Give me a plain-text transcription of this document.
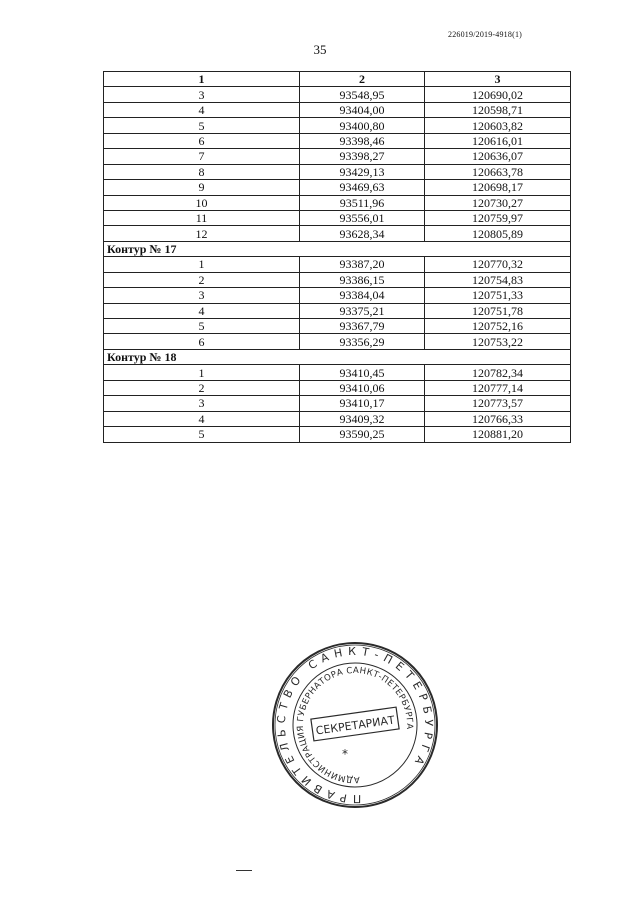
226019/2019-4918(1)
35
1	2	3
3	93548,95	120690,02
4	93404,00	120598,71
5	93400,80	120603,82
6	93398,46	120616,01
7	93398,27	120636,07
8	93429,13	120663,78
9	93469,63	120698,17
10	93511,96	120730,27
11	93556,01	120759,97
12	93628,34	120805,89
Контур № 17		
1	93387,20	120770,32
2	93386,15	120754,83
3	93384,04	120751,33
4	93375,21	120751,78
5	93367,79	120752,16
6	93356,29	120753,22
Контур № 18		
1	93410,45	120782,34
2	93410,06	120777,14
3	93410,17	120773,57
4	93409,32	120766,33
5	93590,25	120881,20
ПРАВИТЕЛЬСТВО САНКТ-ПЕТЕРБУРГА
АДМИНИСТРАЦИЯ ГУБЕРНАТОРА САНКТ-ПЕТЕРБУРГА
СЕКРЕТАРИАТ
*
